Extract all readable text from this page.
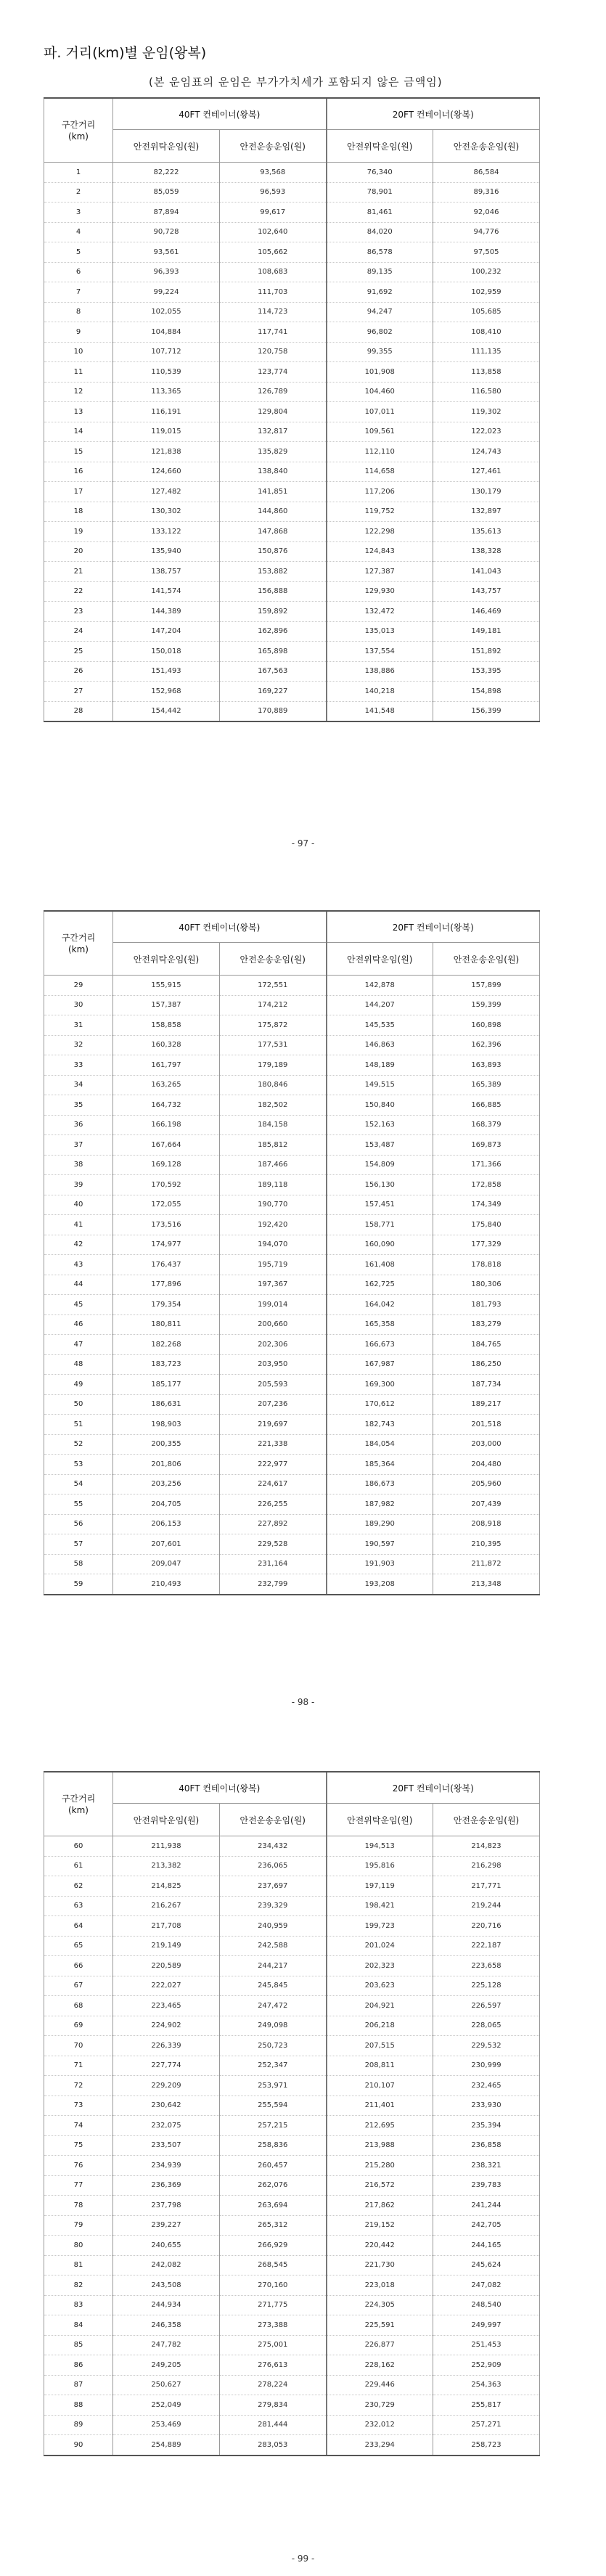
파. 거리(km)별 운임(왕복)
(본 운임표의 운임은 부가가치세가 포함되지 않은 금액임)
구간거리
(km)	40FT 컨테이너(왕복)		20FT 컨테이너(왕복)	
	안전위탁운임(원)	안전운송운임(원)	안전위탁운임(원)	안전운송운임(원)
1	82,222	93,568	76,340	86,584
2	85,059	96,593	78,901	89,316
3	87,894	99,617	81,461	92,046
4	90,728	102,640	84,020	94,776
5	93,561	105,662	86,578	97,505
6	96,393	108,683	89,135	100,232
7	99,224	111,703	91,692	102,959
8	102,055	114,723	94,247	105,685
9	104,884	117,741	96,802	108,410
10	107,712	120,758	99,355	111,135
11	110,539	123,774	101,908	113,858
12	113,365	126,789	104,460	116,580
13	116,191	129,804	107,011	119,302
14	119,015	132,817	109,561	122,023
15	121,838	135,829	112,110	124,743
16	124,660	138,840	114,658	127,461
17	127,482	141,851	117,206	130,179
18	130,302	144,860	119,752	132,897
19	133,122	147,868	122,298	135,613
20	135,940	150,876	124,843	138,328
21	138,757	153,882	127,387	141,043
22	141,574	156,888	129,930	143,757
23	144,389	159,892	132,472	146,469
24	147,204	162,896	135,013	149,181
25	150,018	165,898	137,554	151,892
26	151,493	167,563	138,886	153,395
27	152,968	169,227	140,218	154,898
28	154,442	170,889	141,548	156,399
- 97 -
구간거리
(km)	40FT 컨테이너(왕복)		20FT 컨테이너(왕복)	
	안전위탁운임(원)	안전운송운임(원)	안전위탁운임(원)	안전운송운임(원)
29	155,915	172,551	142,878	157,899
30	157,387	174,212	144,207	159,399
31	158,858	175,872	145,535	160,898
32	160,328	177,531	146,863	162,396
33	161,797	179,189	148,189	163,893
34	163,265	180,846	149,515	165,389
35	164,732	182,502	150,840	166,885
36	166,198	184,158	152,163	168,379
37	167,664	185,812	153,487	169,873
38	169,128	187,466	154,809	171,366
39	170,592	189,118	156,130	172,858
40	172,055	190,770	157,451	174,349
41	173,516	192,420	158,771	175,840
42	174,977	194,070	160,090	177,329
43	176,437	195,719	161,408	178,818
44	177,896	197,367	162,725	180,306
45	179,354	199,014	164,042	181,793
46	180,811	200,660	165,358	183,279
47	182,268	202,306	166,673	184,765
48	183,723	203,950	167,987	186,250
49	185,177	205,593	169,300	187,734
50	186,631	207,236	170,612	189,217
51	198,903	219,697	182,743	201,518
52	200,355	221,338	184,054	203,000
53	201,806	222,977	185,364	204,480
54	203,256	224,617	186,673	205,960
55	204,705	226,255	187,982	207,439
56	206,153	227,892	189,290	208,918
57	207,601	229,528	190,597	210,395
58	209,047	231,164	191,903	211,872
59	210,493	232,799	193,208	213,348
- 98 -
구간거리
(km)	40FT 컨테이너(왕복)		20FT 컨테이너(왕복)	
	안전위탁운임(원)	안전운송운임(원)	안전위탁운임(원)	안전운송운임(원)
60	211,938	234,432	194,513	214,823
61	213,382	236,065	195,816	216,298
62	214,825	237,697	197,119	217,771
63	216,267	239,329	198,421	219,244
64	217,708	240,959	199,723	220,716
65	219,149	242,588	201,024	222,187
66	220,589	244,217	202,323	223,658
67	222,027	245,845	203,623	225,128
68	223,465	247,472	204,921	226,597
69	224,902	249,098	206,218	228,065
70	226,339	250,723	207,515	229,532
71	227,774	252,347	208,811	230,999
72	229,209	253,971	210,107	232,465
73	230,642	255,594	211,401	233,930
74	232,075	257,215	212,695	235,394
75	233,507	258,836	213,988	236,858
76	234,939	260,457	215,280	238,321
77	236,369	262,076	216,572	239,783
78	237,798	263,694	217,862	241,244
79	239,227	265,312	219,152	242,705
80	240,655	266,929	220,442	244,165
81	242,082	268,545	221,730	245,624
82	243,508	270,160	223,018	247,082
83	244,934	271,775	224,305	248,540
84	246,358	273,388	225,591	249,997
85	247,782	275,001	226,877	251,453
86	249,205	276,613	228,162	252,909
87	250,627	278,224	229,446	254,363
88	252,049	279,834	230,729	255,817
89	253,469	281,444	232,012	257,271
90	254,889	283,053	233,294	258,723
- 99 -
